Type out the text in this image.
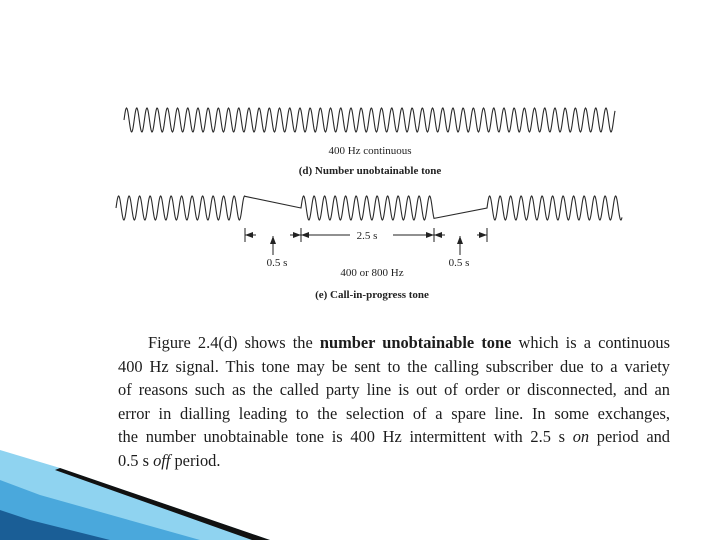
400 Hz continuous
(d) Number unobtainable tone
2.5 s
0.5 s	0.5 s
400 or 800 Hz
(e) Call-in-progress tone
Figure 2.4(d) shows the number unobtainable tone which is a continuous
400 Hz signal. This tone may be sent to the calling subscriber due to a variety
of reasons such as the called party line is out of order or disconnected, and an
error in dialling leading to the selection of a spare line. In some exchanges,
the number unobtainable tone is 400 Hz intermittent with 2.5 s on period and
0.5 s off period.
